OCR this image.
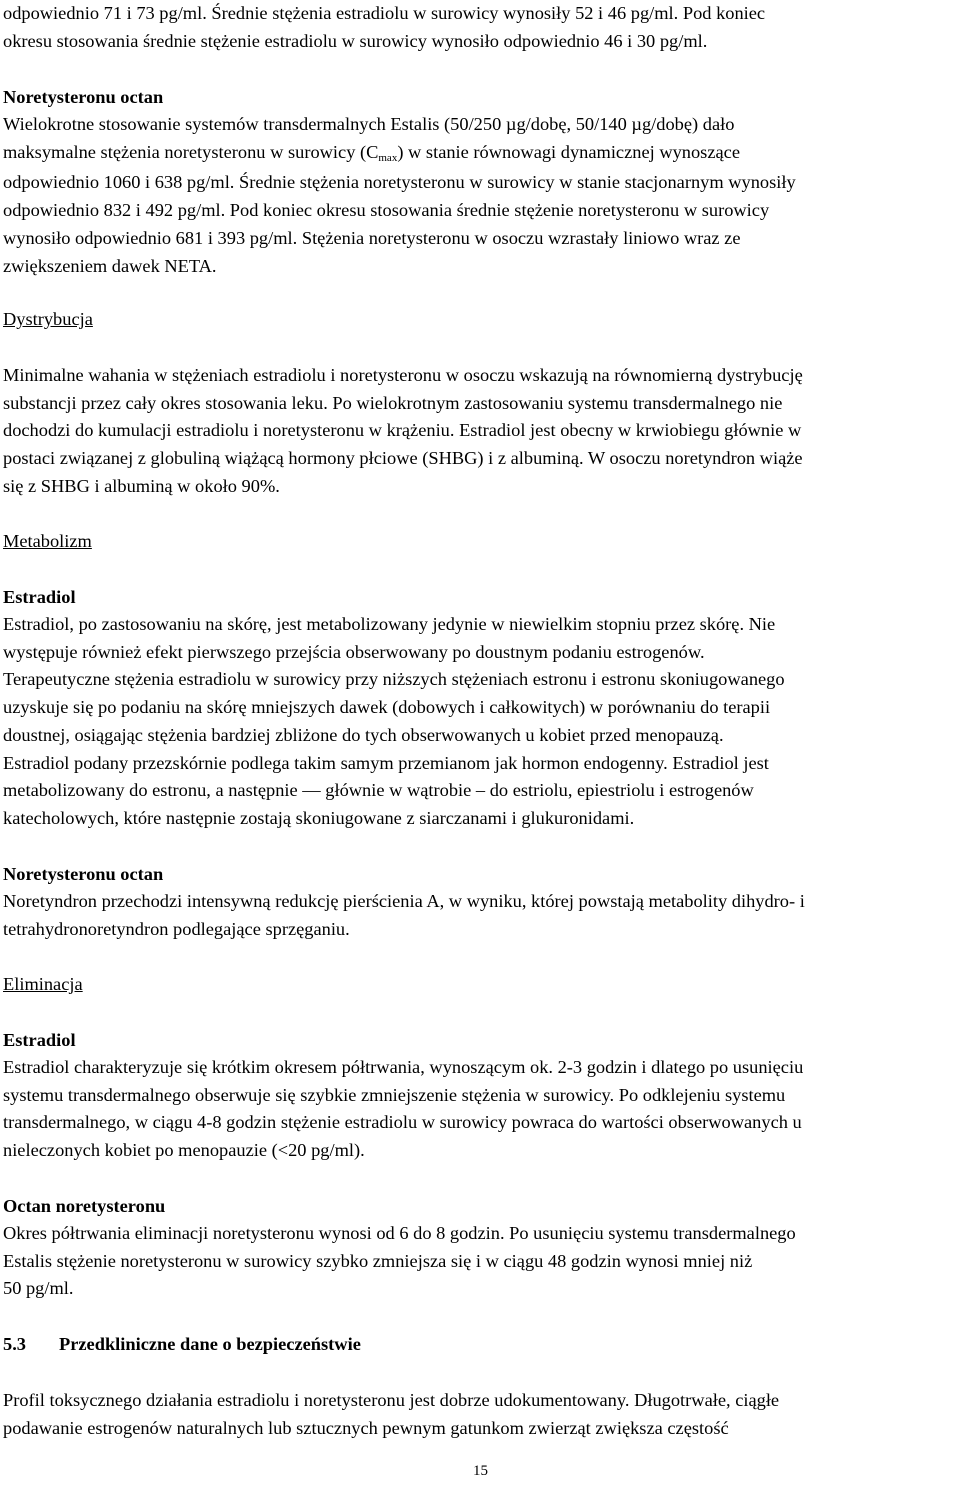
odpowiednio 71 i 73 pg/ml. Średnie stężenia estradiolu w surowicy wynosiły 52 i 46 pg/ml. Pod koniec
okresu stosowania średnie stężenie estradiolu w surowicy wynosiło odpowiednio 46 i 30 pg/ml.
Noretysteronu octan
Wielokrotne stosowanie systemów transdermalnych Estalis (50/250 µg/dobę, 50/140 µg/dobę) dało
maksymalne stężenia noretysteronu w surowicy $(C_{max})$ w stanie równowagi dynamicznej wynoszące
odpowiednio 1060 i 638 pg/ml. Średnie stężenia noretysteronu w surowicy w stanie stacjonarnym wynosiły
odpowiednio 832 i 492 pg/ml. Pod koniec okresu stosowania średnie stężenie noretysteronu w surowicy
wynosiło odpowiednio 681 i 393 pg/ml. Stężenia noretysteronu w osoczu wzrastały liniowo wraz ze
zwiększeniem dawek NETA.
Dystrybucja
Minimalne wahania w stężeniach estradiolu i noretysteronu w osoczu wskazują na równomierną dystrybucję
substancji przez cały okres stosowania leku. Po wielokrotnym zastosowaniu systemu transdermalnego nie
dochodzi do kumulacji estradiolu i noretysteronu w krążeniu. Estradiol jest obecny w krwiobiegu głównie w
postaci związanej z globuliną wiążącą hormony płciowe (SHBG) i z albuminą. W osoczu noretyndron wiąże
się z SHBG i albuminą w około 90%.
Metabolizm
Estradiol
Estradiol, po zastosowaniu na skórę, jest metabolizowany jedynie w niewielkim stopniu przez skórę. Nie
występuje również efekt pierwszego przejścia obserwowany po doustnym podaniu estrogenów.
Terapeutyczne stężenia estradiolu w surowicy przy niższych stężeniach estronu i estronu skoniugowanego
uzyskuje się po podaniu na skórę mniejszych dawek (dobowych i całkowitych) w porównaniu do terapii
doustnej, osiągając stężenia bardziej zbliżone do tych obserwowanych u kobiet przed menopauzą.
Estradiol podany przezskórnie podlega takim samym przemianom jak hormon endogenny. Estradiol jest
metabolizowany do estronu, a następnie — głównie w wątrobie – do estriolu, epiestriolu i estrogenów
katecholowych, które następnie zostają skoniugowane z siarczanami i glukuronidami.
Noretysteronu octan
Noretyndron przechodzi intensywną redukcję pierścienia A, w wyniku, której powstają metabolity dihydro- i
tetrahydronoretyndron podlegające sprzęganiu.
Eliminacja
Estradiol
Estradiol charakteryzuje się krótkim okresem półtrwania, wynoszącym ok. 2-3 godzin i dlatego po usunięciu
systemu transdermalnego obserwuje się szybkie zmniejszenie stężenia w surowicy. Po odklejeniu systemu
transdermalnego, w ciągu 4-8 godzin stężenie estradiolu w surowicy powraca do wartości obserwowanych u
nieleczonych kobiet po menopauzie (<20 pg/ml).
Octan noretysteronu
Okres półtrwania eliminacji noretysteronu wynosi od 6 do 8 godzin. Po usunięciu systemu transdermalnego
Estalis stężenie noretysteronu w surowicy szybko zmniejsza się i w ciągu 48 godzin wynosi mniej niż
50 pg/ml.
5.3 Przedkliniczne dane o bezpieczeństwie
Profil toksycznego działania estradiolu i noretysteronu jest dobrze udokumentowany. Długotrwałe, ciągłe
podawanie estrogenów naturalnych lub sztucznych pewnym gatunkom zwierząt zwiększa częstość
15
